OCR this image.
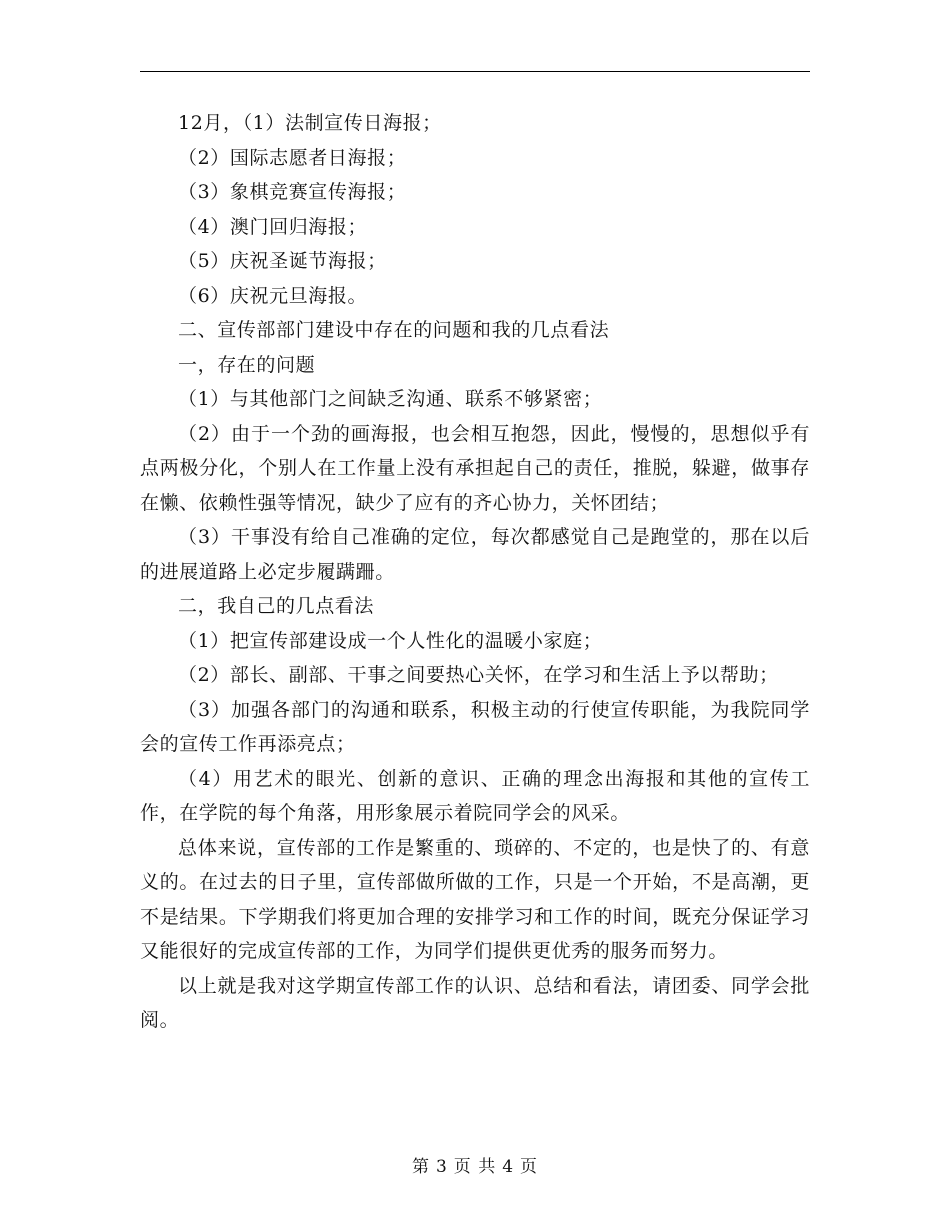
12月，（1）法制宣传日海报；

（2）国际志愿者日海报；

（3）象棋竞赛宣传海报；

（4）澳门回归海报；

（5）庆祝圣诞节海报；

（6）庆祝元旦海报。

二、宣传部部门建设中存在的问题和我的几点看法

一，存在的问题

（1）与其他部门之间缺乏沟通、联系不够紧密；

（2）由于一个劲的画海报，也会相互抱怨，因此，慢慢的，思想似乎有点两极分化，个别人在工作量上没有承担起自己的责任，推脱，躲避，做事存在懒、依赖性强等情况，缺少了应有的齐心协力，关怀团结；

（3）干事没有给自己准确的定位，每次都感觉自己是跑堂的，那在以后的进展道路上必定步履蹒跚。

二，我自己的几点看法

（1）把宣传部建设成一个人性化的温暖小家庭；

（2）部长、副部、干事之间要热心关怀，在学习和生活上予以帮助；

（3）加强各部门的沟通和联系，积极主动的行使宣传职能，为我院同学会的宣传工作再添亮点；

（4）用艺术的眼光、创新的意识、正确的理念出海报和其他的宣传工作，在学院的每个角落，用形象展示着院同学会的风采。

总体来说，宣传部的工作是繁重的、琐碎的、不定的，也是快了的、有意义的。在过去的日子里，宣传部做所做的工作，只是一个开始，不是高潮，更不是结果。下学期我们将更加合理的安排学习和工作的时间，既充分保证学习又能很好的完成宣传部的工作，为同学们提供更优秀的服务而努力。

以上就是我对这学期宣传部工作的认识、总结和看法，请团委、同学会批阅。

第 3 页 共 4 页
